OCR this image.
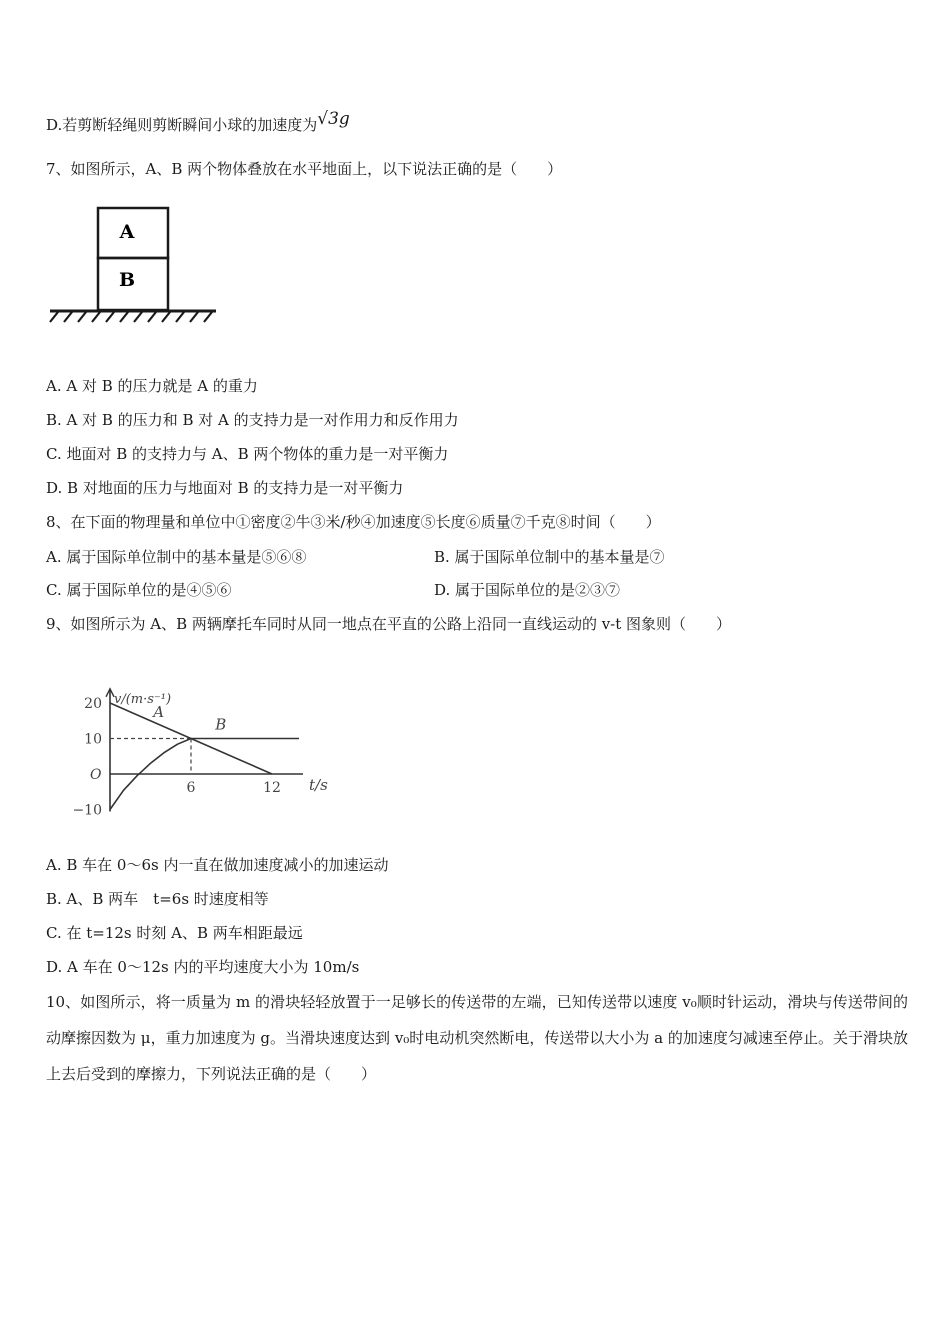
D.若剪断轻绳则剪断瞬间小球的加速度为√3g
7、如图所示，A、B 两个物体叠放在水平地面上，以下说法正确的是（　　）
A
B
A. A 对 B 的压力就是 A 的重力
B. A 对 B 的压力和 B 对 A 的支持力是一对作用力和反作用力
C. 地面对 B 的支持力与 A、B 两个物体的重力是一对平衡力
D. B 对地面的压力与地面对 B 的支持力是一对平衡力
8、在下面的物理量和单位中①密度②牛③米/秒④加速度⑤长度⑥质量⑦千克⑧时间（　　）
A. 属于国际单位制中的基本量是⑤⑥⑧	B. 属于国际单位制中的基本量是⑦
C. 属于国际单位的是④⑤⑥	D. 属于国际单位的是②③⑦
9、如图所示为 A、B 两辆摩托车同时从同一地点在平直的公路上沿同一直线运动的 v-t 图象则（　　）
v/(m·s⁻¹)
t/s
O
20
10
−10
6	12
A
B
A. B 车在 0～6s 内一直在做加速度减小的加速运动
B. A、B 两车　t=6s 时速度相等
C. 在 t=12s 时刻 A、B 两车相距最远
D. A 车在 0～12s 内的平均速度大小为 10m/s
10、如图所示，将一质量为 m 的滑块轻轻放置于一足够长的传送带的左端，已知传送带以速度 v₀顺时针运动，滑块与传送带间的动摩擦因数为 μ，重力加速度为 g。当滑块速度达到 v₀时电动机突然断电，传送带以大小为 a 的加速度匀减速至停止。关于滑块放上去后受到的摩擦力，下列说法正确的是（　　）
